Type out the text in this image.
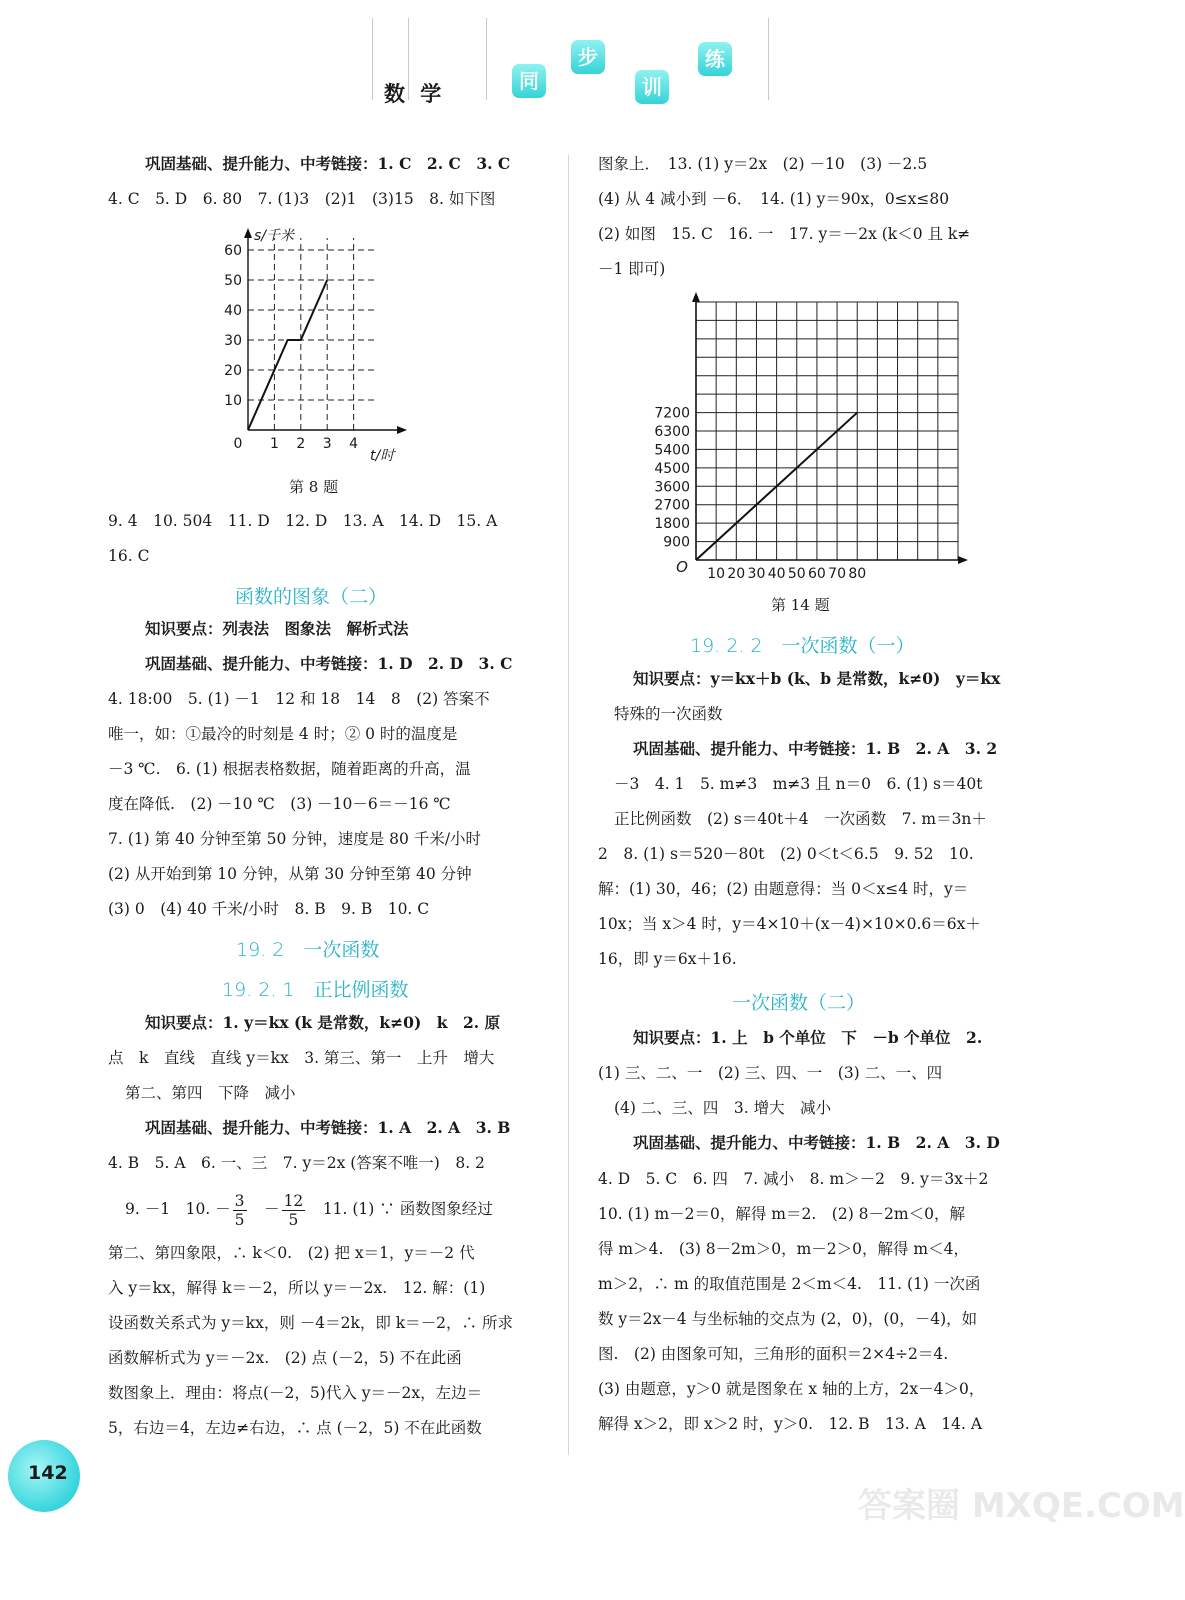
数 学	同
步
训
练
巩固基础、提升能力、中考链接：1. C　2. C　3. C
4. C　5. D　6. 80　7. (1)3　(2)1　(3)15　8. 如下图
10
20
30
40
50
60
1 2 3 4
0
s/千米
t/时
第 8 题
9. 4　10. 504　11. D　12. D　13. A　14. D　15. A
16. C
函数的图象（二）
知识要点：列表法　图象法　解析式法
巩固基础、提升能力、中考链接：1. D　2. D　3. C
4. 18:00　5. (1) －1　12 和 18　14　8　(2) 答案不
唯一，如：①最冷的时刻是 4 时；② 0 时的温度是
－3 ℃.　6. (1) 根据表格数据，随着距离的升高，温
度在降低.　(2) －10 ℃　(3) －10－6＝－16 ℃
7. (1) 第 40 分钟至第 50 分钟，速度是 80 千米/小时
(2) 从开始到第 10 分钟，从第 30 分钟至第 40 分钟
(3) 0　(4) 40 千米/小时　8. B　9. B　10. C
19. 2　一次函数
19. 2. 1　正比例函数
知识要点：1. y＝kx (k 是常数，k≠0)　k　2. 原
点　k　直线　直线 y＝kx　3. 第三、第一　上升　增大
第二、第四　下降　减小
巩固基础、提升能力、中考链接：1. A　2. A　3. B
4. B　5. A　6. 一、三　7. y＝2x (答案不唯一)　8. 2
9. －1　10. － $\frac{3}{5}$
　 － $\frac{12}{5}$
　 11. (1) ∵ 函数图象经过
第二、第四象限，∴ k＜0.　(2) 把 x＝1，y＝－2 代
入 y＝kx，解得 k＝－2，所以 y＝－2x.　12. 解：(1)
设函数关系式为 y＝kx，则 －4＝2k，即 k＝－2，∴ 所求
函数解析式为 y＝－2x.　(2) 点 (－2，5) 不在此函
数图象上．理由：将点(－2，5)代入 y＝－2x，左边＝
5，右边＝4，左边≠右边，∴ 点 (－2，5) 不在此函数
图象上．　13. (1) y＝2x　(2) －10　(3) －2.5
(4) 从 4 减小到 －6．　14. (1) y＝90x，0≤x≤80
(2) 如图　15. C　16. 一　17. y＝－2x (k＜0 且 k≠
－1 即可)
900
1800
2700
3600
4500
5400
6300
7200
10 20 30 40 50 60 70 80
O
第 14 题
19. 2. 2　一次函数（一）
知识要点：y＝kx＋b (k、b 是常数，k≠0)　y＝kx
特殊的一次函数
巩固基础、提升能力、中考链接：1. B　2. A　3. 2
－3　4. 1　5. m≠3　m≠3 且 n＝0　6. (1) s＝40t
正比例函数　(2) s＝40t＋4　一次函数　7. m＝3n＋
2　8. (1) s＝520－80t　(2) 0＜t＜6.5　9. 52　10.
解：(1) 30，46；(2) 由题意得：当 0＜x≤4 时，y＝
10x；当 x＞4 时，y＝4×10＋(x－4)×10×0.6＝6x＋
16，即 y＝6x＋16.
一次函数（二）
知识要点：1. 上　b 个单位　下　－b 个单位　2.
(1) 三、二、一　(2) 三、四、一　(3) 二、一、四
(4) 二、三、四　3. 增大　减小
巩固基础、提升能力、中考链接：1. B　2. A　3. D
4. D　5. C　6. 四　7. 减小　8. m＞－2　9. y＝3x＋2
10. (1) m－2＝0，解得 m＝2.　(2) 8－2m＜0，解
得 m＞4.　(3) 8－2m＞0，m－2＞0，解得 m＜4，
m＞2，∴ m 的取值范围是 2＜m＜4.　11. (1) 一次函
数 y＝2x－4 与坐标轴的交点为 (2，0)，(0，－4)，如
图.　(2) 由图象可知，三角形的面积＝2×4÷2＝4.
(3) 由题意，y＞0 就是图象在 x 轴的上方，2x－4＞0，
解得 x＞2，即 x＞2 时，y＞0.　12. B　13. A　14. A
142
答案圈 MXQE.COM
